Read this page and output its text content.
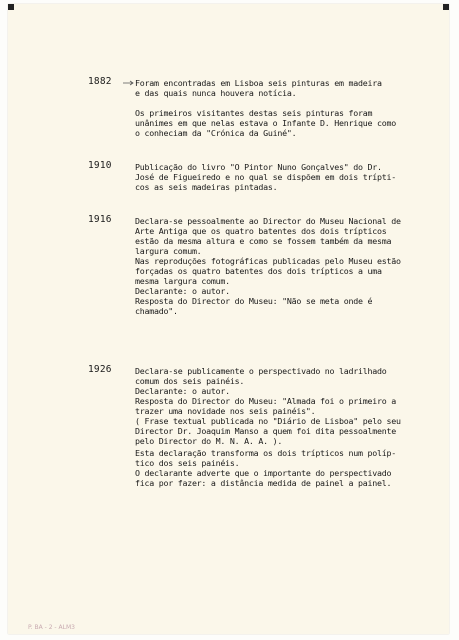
1882	Foram encontradas em Lisboa seis pinturas em madeira
e das quais nunca houvera notícia.
Os primeiros visitantes destas seis pinturas foram
unânimes em que nelas estava o Infante D. Henrique como
o conheciam da "Crónica da Guiné".
1910	Publicação do livro "O Pintor Nuno Gonçalves" do Dr.
José de Figueiredo e no qual se dispõem em dois trípti-
cos as seis madeiras pintadas.
1916	Declara-se pessoalmente ao Director do Museu Nacional de
Arte Antiga que os quatro batentes dos dois trípticos
estão da mesma altura e como se fossem também da mesma
largura comum.
Nas reproduções fotográficas publicadas pelo Museu estão
forçadas os quatro batentes dos dois trípticos a uma
mesma largura comum.
Declarante: o autor.
Resposta do Director do Museu: "Não se meta onde é
chamado".
1926	Declara-se publicamente o perspectivado no ladrilhado
comum dos seis painéis.
Declarante: o autor.
Resposta do Director do Museu: "Almada foi o primeiro a
trazer uma novidade nos seis painéis".
( Frase textual publicada no "Diário de Lisboa" pelo seu
Director Dr. Joaquim Manso a quem foi dita pessoalmente
pelo Director do M. N. A. A. ).
Esta declaração transforma os dois trípticos num políp-
tico dos seis painéis.
O declarante adverte que o importante do perspectivado
fica por fazer: a distância medida de painel a painel.
P. BA - 2 - ALM3
